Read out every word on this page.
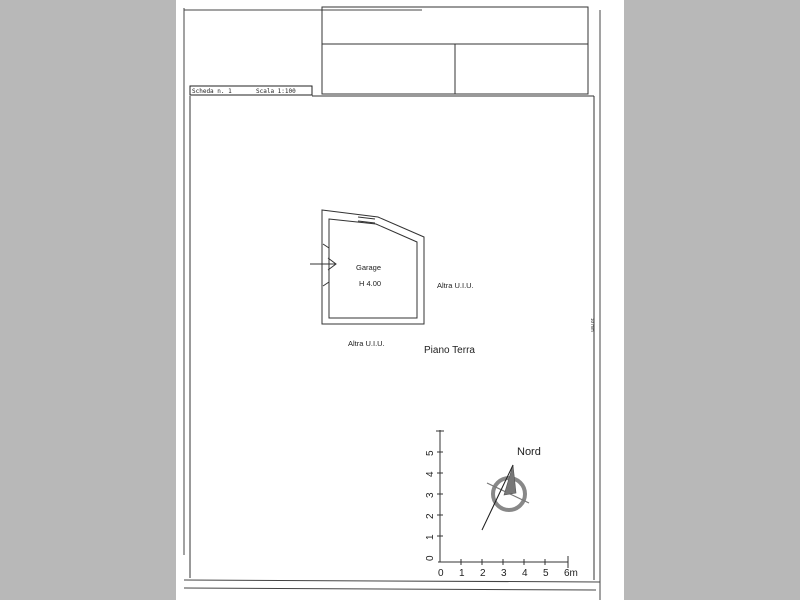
Scheda n. 1	Scala 1:100
Garage
H 4.00	Altra U.I.U.
Altra U.I.U.
Piano Terra
10 mm
Nord
0 1 2 3 4 5 6m
0
1
2
3
4
5
